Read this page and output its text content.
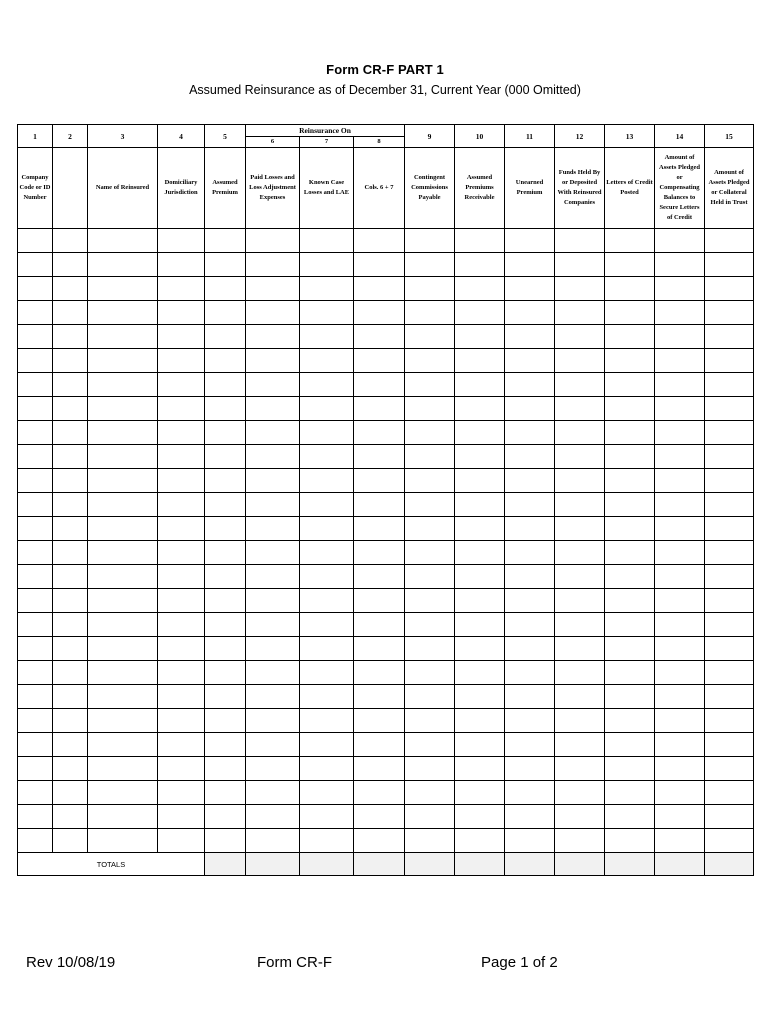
Form CR-F PART 1
Assumed Reinsurance as of December 31, Current Year (000 Omitted)
1	2	3	4	5	Reinsurance On			9	10	11	12	13	14	15
					6	7	8							
Company Code or ID Number		Name of Reinsured	Domiciliary Jurisdiction	Assumed Premium	Paid Losses and Loss Adjustment Expenses	Known Case Losses and LAE	Cols. 6 + 7	Contingent Commissions Payable	Assumed Premiums Receivable	Unearned Premium	Funds Held By or Deposited With Reinsured Companies	Letters of Credit Posted	Amount of Assets Pledged or Compensating Balances to Secure Letters of Credit	Amount of Assets Pledged or Collateral Held in Trust

TOTALS														
Rev 10/08/19	Form CR-F	Page 1 of 2
